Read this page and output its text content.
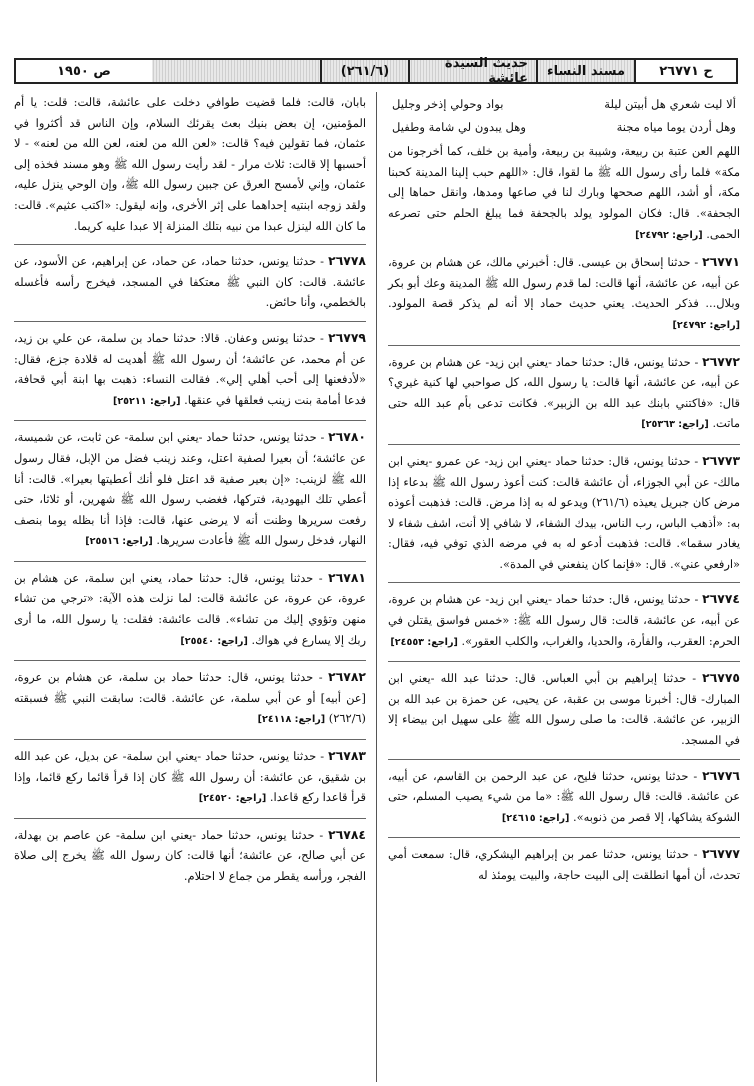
ح ٢٦٧٧١
مسند النساء
حديث السيدة عائشة
(٢٦١/٦)
ص ١٩٥٠
ألا ليت شعري هل أبيتن ليلة
بواد وحولي إذخر وجليل
وهل أردن يوما مياه مجنة
وهل يبدون لي شامة وطفيل

اللهم العن عتبة بن ربيعة، وشيبة بن ربيعة، وأمية بن خلف، كما أخرجونا من مكة» فلما رأى رسول الله ﷺ ما لقوا، قال: «اللهم حبب إلينا المدينة كحبنا مكة، أو أشد، اللهم صححها وبارك لنا في صاعها ومدها، وانقل حماها إلى الجحفة». قال: فكان المولود يولد بالجحفة فما يبلغ الحلم حتى تصرعه الحمى. [راجع: ٢٤٧٩٢]

٢٦٧٧١ - حدثنا إسحاق بن عيسى. قال: أخبرني مالك، عن هشام بن عروة، عن أبيه، عن عائشة، أنها قالت: لما قدم رسول الله ﷺ المدينة وعك أبو بكر وبلال... فذكر الحديث. يعني حديث حماد إلا أنه لم يذكر قصة المولود. [راجع: ٢٤٧٩٢]
٢٦٧٧٢ - حدثنا يونس، قال: حدثنا حماد -يعني ابن زيد- عن هشام بن عروة، عن أبيه، عن عائشة، أنها قالت: يا رسول الله، كل صواحبي لها كنية غيري؟ قال: «فاكتني بابنك عبد الله بن الزبير». فكانت تدعى بأم عبد الله حتى ماتت. [راجع: ٢٥٣٦٣]
٢٦٧٧٣ - حدثنا يونس، قال: حدثنا حماد -يعني ابن زيد- عن عمرو -يعني ابن مالك- عن أبي الجوزاء، أن عائشة قالت: كنت أعوذ رسول الله ﷺ بدعاء إذا مرض كان جبريل يعيذه (٢٦١/٦) ويدعو له به إذا مرض. قالت: فذهبت أعوذه به: «أذهب الباس، رب الناس، بيدك الشفاء، لا شافي إلا أنت، اشف شفاء لا يغادر سقما». قالت: فذهبت أدعو له به في مرضه الذي توفي فيه، فقال: «ارفعي عني». قال: «فإنما كان ينفعني في المدة».
٢٦٧٧٤ - حدثنا يونس، قال: حدثنا حماد -يعني ابن زيد- عن هشام بن عروة، عن أبيه، عن عائشة، قالت: قال رسول الله ﷺ: «خمس فواسق يقتلن في الحرم: العقرب، والفأرة، والحديا، والغراب، والكلب العقور». [راجع: ٢٤٥٥٣]
٢٦٧٧٥ - حدثنا إبراهيم بن أبي العباس. قال: حدثنا عبد الله -يعني ابن المبارك- قال: أخبرنا موسى بن عقبة، عن يحيى، عن حمزة بن عبد الله بن الزبير، عن عائشة. قالت: ما صلى رسول الله ﷺ على سهيل ابن بيضاء إلا في المسجد.
٢٦٧٧٦ - حدثنا يونس، حدثنا فليح، عن عبد الرحمن بن القاسم، عن أبيه، عن عائشة. قالت: قال رسول الله ﷺ: «ما من شيء يصيب المسلم، حتى الشوكة يشاكها، إلا قصر من ذنوبه». [راجع: ٢٤٦١٥]
٢٦٧٧٧ - حدثنا يونس، حدثنا عمر بن إبراهيم اليشكري، قال: سمعت أمي تحدث، أن أمها انطلقت إلى البيت حاجة، والبيت يومئذ له

بابان، قالت: فلما قضيت طوافي دخلت على عائشة، قالت: قلت: يا أم المؤمنين، إن بعض بنيك بعث يقرئك السلام، وإن الناس قد أكثروا في عثمان، فما تقولين فيه؟ قالت: «لعن الله من لعنه، لعن الله من لعنه» - لا أحسبها إلا قالت: ثلاث مرار - لقد رأيت رسول الله ﷺ وهو مسند فخذه إلى عثمان، وإني لأمسح العرق عن جبين رسول الله ﷺ، وإن الوحي ينزل عليه، ولقد زوجه ابنتيه إحداهما على إثر الأخرى، وإنه ليقول: «اكتب عثيم». قالت: ما كان الله لينزل عبدا من نبيه بتلك المنزلة إلا عبدا عليه كريما.

٢٦٧٧٨ - حدثنا يونس، حدثنا حماد، عن حماد، عن إبراهيم، عن الأسود، عن عائشة. قالت: كان النبي ﷺ معتكفا في المسجد، فيخرج رأسه فأغسله بالخطمي، وأنا حائض.
٢٦٧٧٩ - حدثنا يونس وعفان. قالا: حدثنا حماد بن سلمة، عن علي بن زيد، عن أم محمد، عن عائشة؛ أن رسول الله ﷺ أهديت له قلادة جزع، فقال: «لأدفعنها إلى أحب أهلي إلي». فقالت النساء: ذهبت بها ابنة أبي قحافة، فدعا أمامة بنت زينب فعلقها في عنقها. [راجع: ٢٥٢١١]
٢٦٧٨٠ - حدثنا يونس، حدثنا حماد -يعني ابن سلمة- عن ثابت، عن شميسة، عن عائشة؛ أن بعيرا لصفية اعتل، وعند زينب فضل من الإبل، فقال رسول الله ﷺ لزينب: «إن بعير صفية قد اعتل فلو أنك أعطيتها بعيرا». قالت: أنا أعطي تلك اليهودية، فتركها، فغضب رسول الله ﷺ شهرين، أو ثلاثا، حتى رفعت سريرها وظنت أنه لا يرضى عنها، قالت: فإذا أنا بظله يوما بنصف النهار، فدخل رسول الله ﷺ فأعادت سريرها. [راجع: ٢٥٥١٦]
٢٦٧٨١ - حدثنا يونس، قال: حدثنا حماد، يعني ابن سلمة، عن هشام بن عروة، عن عروة، عن عائشة قالت: لما نزلت هذه الآية: «ترجي من تشاء منهن وتؤوي إليك من تشاء». قالت عائشة: فقلت: يا رسول الله، ما أرى ربك إلا يسارع في هواك. [راجع: ٢٥٥٤٠]
٢٦٧٨٢ - حدثنا يونس، قال: حدثنا حماد بن سلمة، عن هشام بن عروة، [عن أبيه] أو عن أبي سلمة، عن عائشة. قالت: سابقت النبي ﷺ فسبقته (٢٦٢/٦) [راجع: ٢٤١١٨]
٢٦٧٨٣ - حدثنا يونس، حدثنا حماد -يعني ابن سلمة- عن بديل، عن عبد الله بن شقيق، عن عائشة: أن رسول الله ﷺ كان إذا قرأ قائما ركع قائما، وإذا قرأ قاعدا ركع قاعدا. [راجع: ٢٤٥٢٠]
٢٦٧٨٤ - حدثنا يونس، حدثنا حماد -يعني ابن سلمة- عن عاصم بن بهدلة، عن أبي صالح، عن عائشة؛ أنها قالت: كان رسول الله ﷺ يخرج إلى صلاة الفجر، ورأسه يقطر من جماع لا احتلام.
